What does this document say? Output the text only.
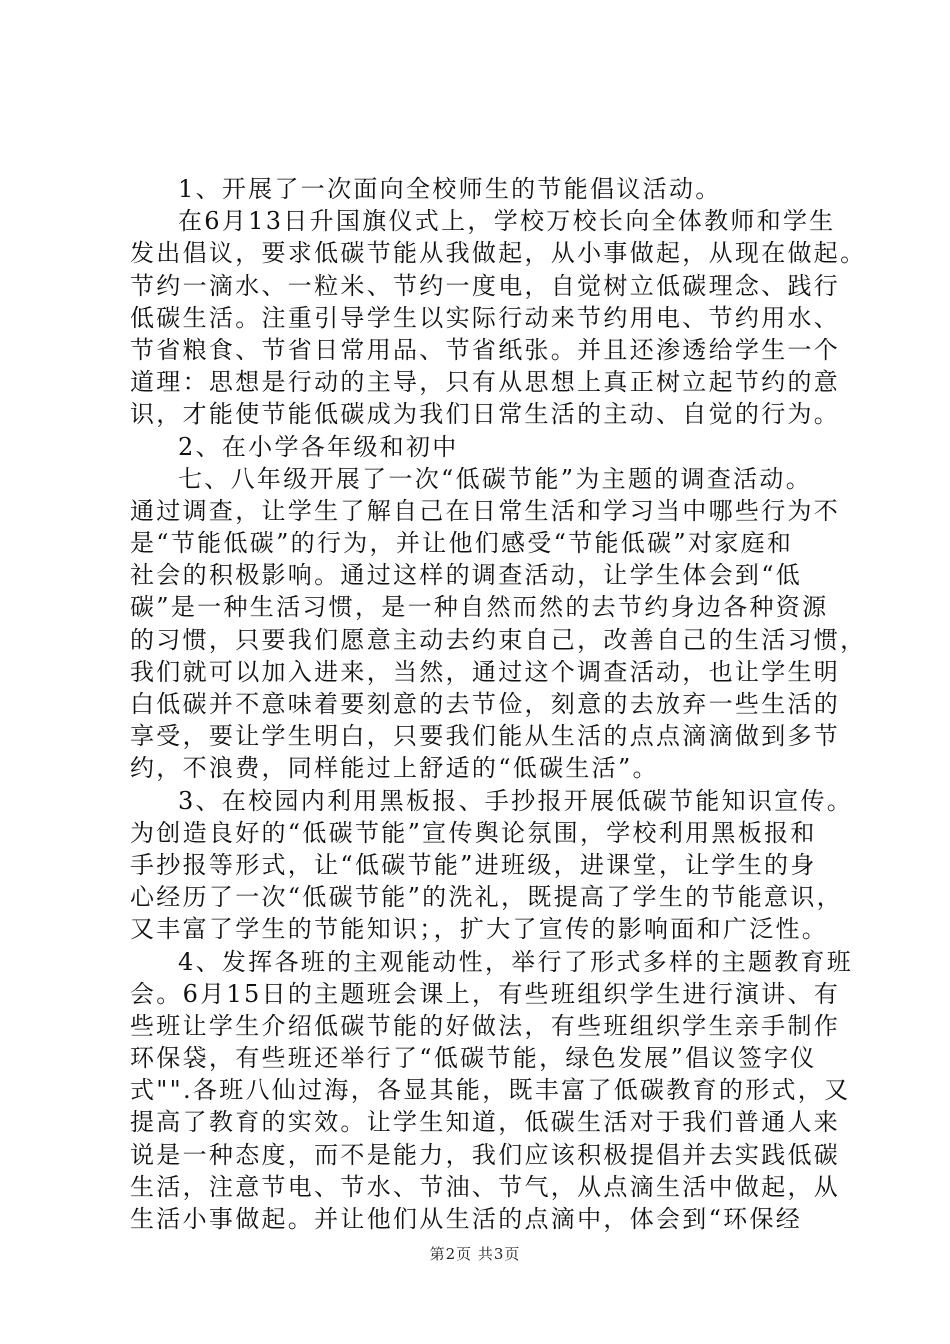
1、开展了一次面向全校师生的节能倡议活动。
在6月13日升国旗仪式上，学校万校长向全体教师和学生
发出倡议，要求低碳节能从我做起，从小事做起，从现在做起。
节约一滴水、一粒米、节约一度电，自觉树立低碳理念、践行
低碳生活。注重引导学生以实际行动来节约用电、节约用水、
节省粮食、节省日常用品、节省纸张。并且还渗透给学生一个
道理：思想是行动的主导，只有从思想上真正树立起节约的意
识，才能使节能低碳成为我们日常生活的主动、自觉的行为。
2、在小学各年级和初中
七、八年级开展了一次“低碳节能”为主题的调查活动。
通过调查，让学生了解自己在日常生活和学习当中哪些行为不
是“节能低碳”的行为，并让他们感受“节能低碳”对家庭和
社会的积极影响。通过这样的调查活动，让学生体会到“低
碳”是一种生活习惯，是一种自然而然的去节约身边各种资源
的习惯，只要我们愿意主动去约束自己，改善自己的生活习惯，
我们就可以加入进来，当然，通过这个调查活动，也让学生明
白低碳并不意味着要刻意的去节俭，刻意的去放弃一些生活的
享受，要让学生明白，只要我们能从生活的点点滴滴做到多节
约，不浪费，同样能过上舒适的“低碳生活”。
3、在校园内利用黑板报、手抄报开展低碳节能知识宣传。
为创造良好的“低碳节能”宣传舆论氛围，学校利用黑板报和
手抄报等形式，让“低碳节能”进班级，进课堂，让学生的身
心经历了一次“低碳节能”的洗礼，既提高了学生的节能意识，
又丰富了学生的节能知识；，扩大了宣传的影响面和广泛性。
4、发挥各班的主观能动性，举行了形式多样的主题教育班
会。6月15日的主题班会课上，有些班组织学生进行演讲、有
些班让学生介绍低碳节能的好做法，有些班组织学生亲手制作
环保袋，有些班还举行了“低碳节能，绿色发展”倡议签字仪
式"".各班八仙过海，各显其能，既丰富了低碳教育的形式，又
提高了教育的实效。让学生知道，低碳生活对于我们普通人来
说是一种态度，而不是能力，我们应该积极提倡并去实践低碳
生活，注意节电、节水、节油、节气，从点滴生活中做起，从
生活小事做起。并让他们从生活的点滴中，体会到“环保经
第2页 共3页
